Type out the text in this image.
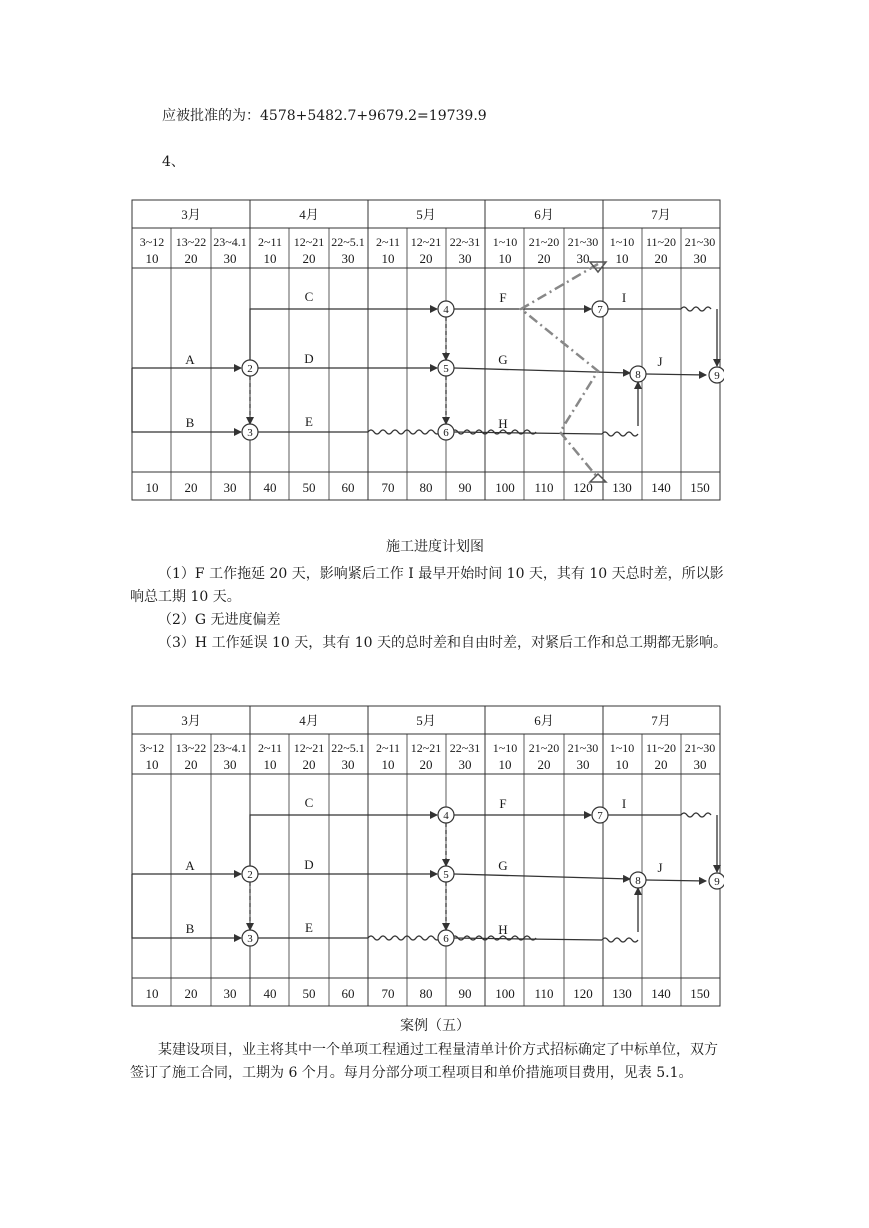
应被批准的为：4578+5482.7+9679.2=19739.9
4、
3月	4月	5月	6月	7月
3~12 13~22 23~4.1 2~11 12~21 22~5.1 2~11 12~21 22~31 1~10 21~20 21~30 1~10 11~20 21~30
10 20 30 10 20 30 10 20 30 10 20 30 10 20 30
10 20 30 40 50 60 70 80 90 100 110 120 130 140 150
2
3
4
5
6
7
8	9
A
B
C
D
E
F
G
H
I
J
施工进度计划图
（1）F 工作拖延 20 天，影响紧后工作 I 最早开始时间 10 天，其有 10 天总时差，所以影响总工期 10 天。
（2）G 无进度偏差
（3）H 工作延误 10 天，其有 10 天的总时差和自由时差，对紧后工作和总工期都无影响。
3月	4月	5月	6月	7月
3~12 13~22 23~4.1 2~11 12~21 22~5.1 2~11 12~21 22~31 1~10 21~20 21~30 1~10 11~20 21~30
10 20 30 10 20 30 10 20 30 10 20 30 10 20 30
10 20 30 40 50 60 70 80 90 100 110 120 130 140 150
2
3
4
5
6
7
8	9
A
B
C
D
E
F
G
H
I
J
案例（五）
某建设项目，业主将其中一个单项工程通过工程量清单计价方式招标确定了中标单位，双方签订了施工合同，工期为 6 个月。每月分部分项工程项目和单价措施项目费用，见表 5.1。
